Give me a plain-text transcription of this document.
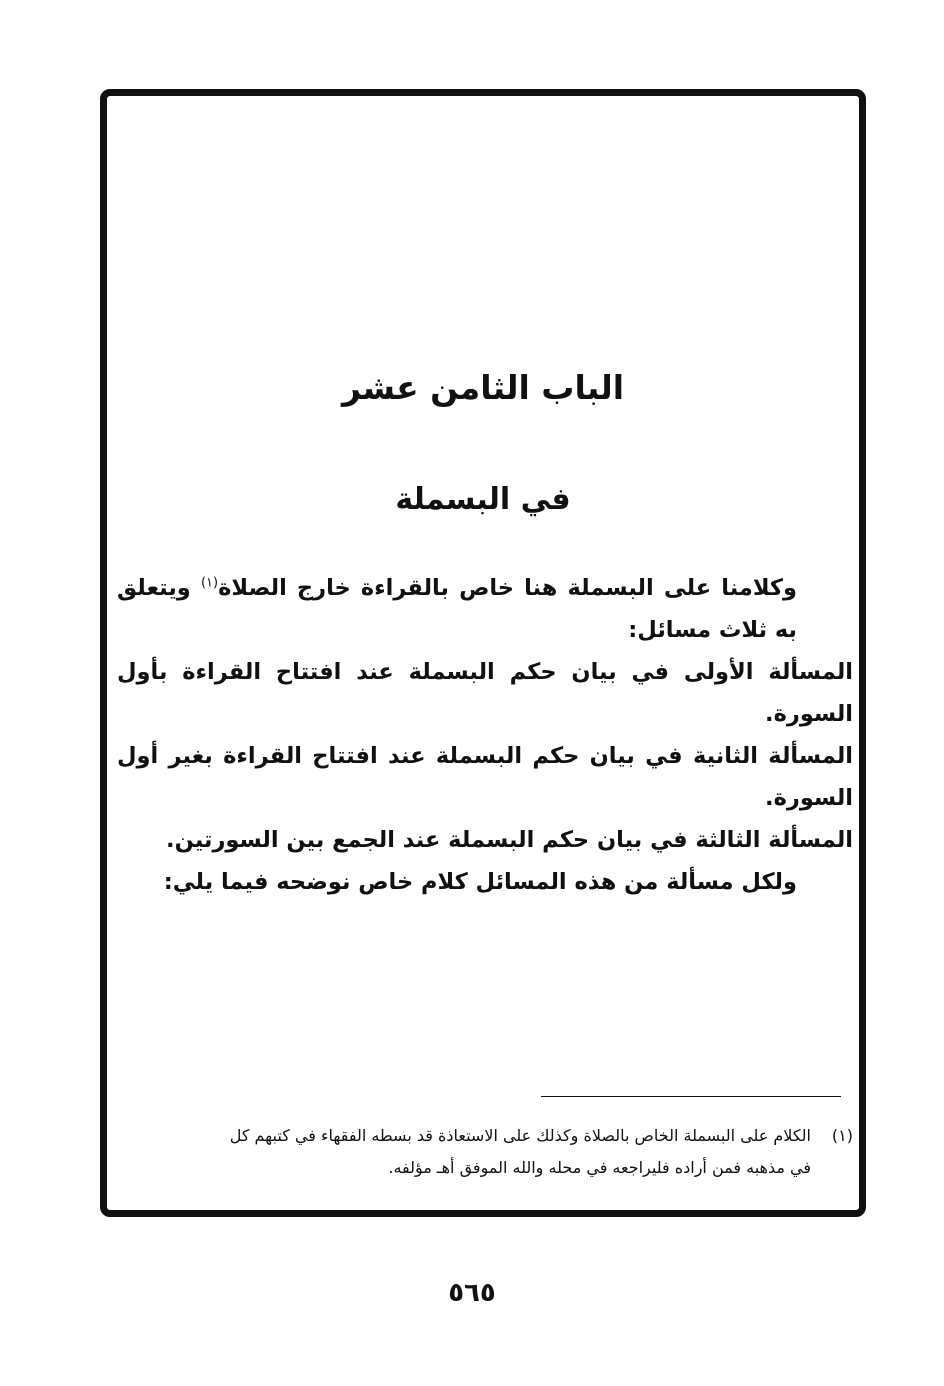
الباب الثامن عشر
في البسملة

وكلامنا على البسملة هنا خاص بالقراءة خارج الصلاة$^{(١)}$ ويتعلق به ثلاث مسائل:

المسألة الأولى في بيان حكم البسملة عند افتتاح القراءة بأول السورة.

المسألة الثانية في بيان حكم البسملة عند افتتاح القراءة بغير أول السورة.

المسألة الثالثة في بيان حكم البسملة عند الجمع بين السورتين.

ولكل مسألة من هذه المسائل كلام خاص نوضحه فيما يلي:

(١)الكلام على البسملة الخاص بالصلاة وكذلك على الاستعاذة قد بسطه الفقهاء في كتبهم كل
في مذهبه فمن أراده فليراجعه في محله والله الموفق أهـ مؤلفه.
٥٦٥
